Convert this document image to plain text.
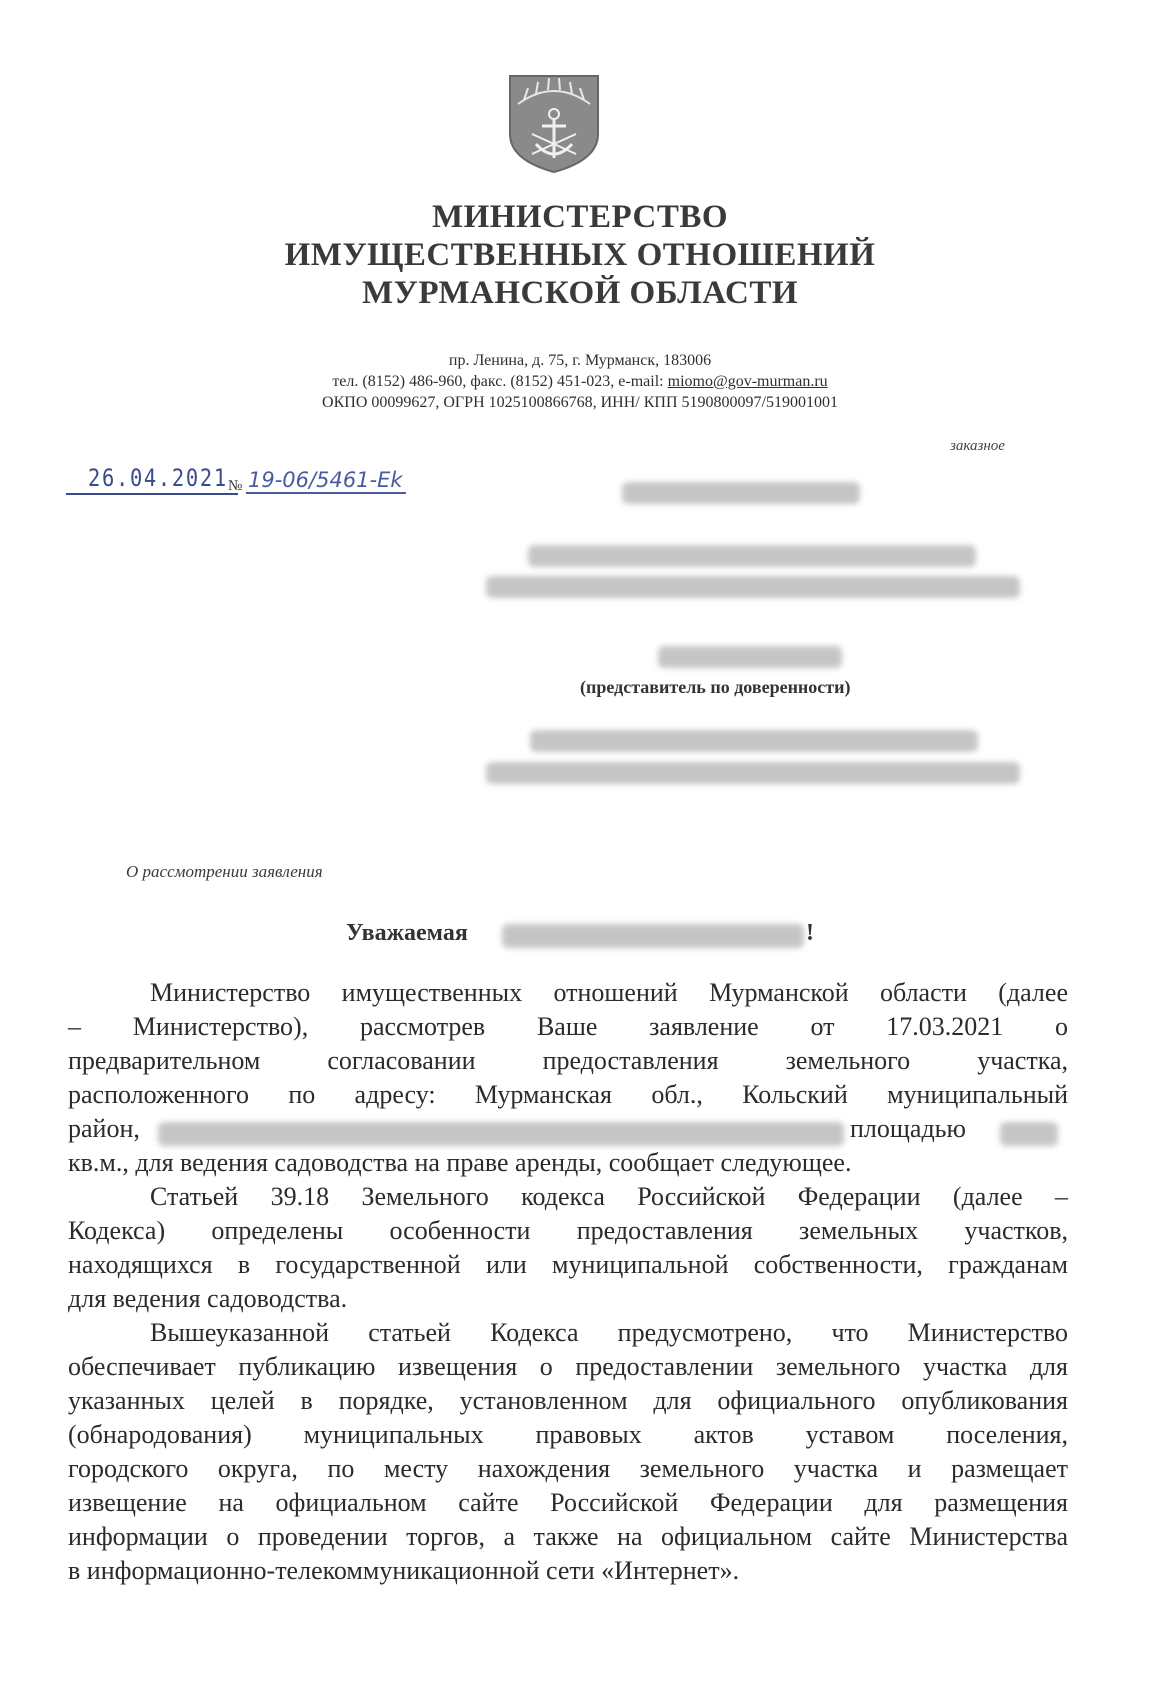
МИНИСТЕРСТВО
ИМУЩЕСТВЕННЫХ ОТНОШЕНИЙ
МУРМАНСКОЙ ОБЛАСТИ
пр. Ленина, д. 75, г. Мурманск, 183006
тел. (8152) 486-960, факс. (8152) 451-023, е-mail: miomo@gov-murman.ru
ОКПО 00099627, ОГРН 1025100866768, ИНН/ КПП 5190800097/519001001
заказное
26.04.2021 № 19-06/5461-Ek
(представитель по доверенности)
О рассмотрении заявления
Уважаемая	!

Министерство имущественных отношений Мурманской области (далее
– Министерство), рассмотрев Ваше заявление от 17.03.2021 о
предварительном согласовании предоставления земельного участка,
расположенного по адресу: Мурманская обл., Кольский муниципальный
район,	площадью
кв.м., для ведения садоводства на праве аренды, сообщает следующее.

Статьей 39.18 Земельного кодекса Российской Федерации (далее –
Кодекса) определены особенности предоставления земельных участков,
находящихся в государственной или муниципальной собственности, гражданам
для ведения садоводства.

Вышеуказанной статьей Кодекса предусмотрено, что Министерство
обеспечивает публикацию извещения о предоставлении земельного участка для
указанных целей в порядке, установленном для официального опубликования
(обнародования) муниципальных правовых актов уставом поселения,
городского округа, по месту нахождения земельного участка и размещает
извещение на официальном сайте Российской Федерации для размещения
информации о проведении торгов, а также на официальном сайте Министерства
в информационно-телекоммуникационной сети «Интернет».
